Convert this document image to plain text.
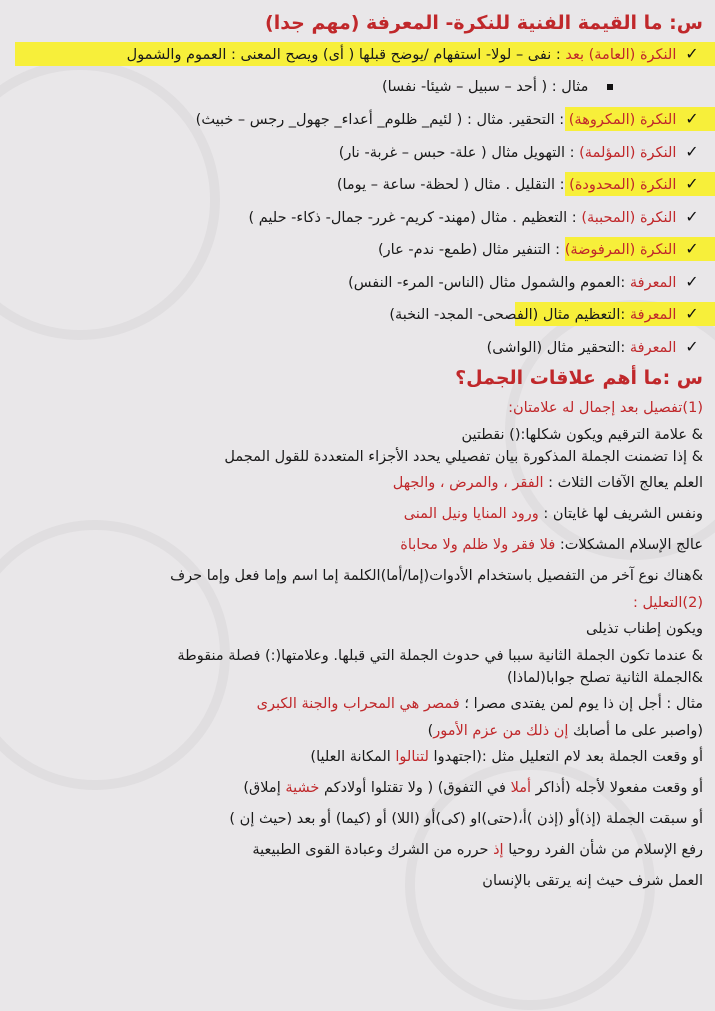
س: ما القيمة الفنية للنكرة- المعرفة (مهم جدا)
✓ النكرة (العامة) بعد : نفى – لولا- استفهام /يوضح قبلها ( أى) ويصح المعنى : العموم والشمول
مثال : ( أحد – سبيل – شيئا- نفسا)
✓ النكرة (المكروهة) : التحقير. مثال : ( لئيم_ ظلوم_ أعداء_ جهول_ رجس – خبيث)
✓ النكرة (المؤلمة) : التهويل مثال ( علة- حبس – غربة- نار)
✓ النكرة (المحدودة) : التقليل . مثال ( لحظة- ساعة – يوما)
✓ النكرة (المحببة) : التعظيم . مثال (مهند- كريم- غرر- جمال- ذكاء- حليم )
✓ النكرة (المرفوضة) : التنفير مثال (طمع- ندم- عار)
✓ المعرفة :العموم والشمول مثال (الناس- المرء- النفس)
✓ المعرفة :التعظيم مثال (الفصحى- المجد- النخبة)
✓ المعرفة :التحقير مثال (الواشى)
س :ما أهم علاقات الجمل؟
(1)تفصيل بعد إجمال له علامتان:
& علامة الترقيم ويكون شكلها:() نقطتين
& إذا تضمنت الجملة المذكورة بيان تفصيلي يحدد الأجزاء المتعددة للقول المجمل
العلم يعالج الآفات الثلاث : الفقر ، والمرض ، والجهل
ونفس الشريف لها غايتان : ورود المنايا ونيل المنى
عالج الإسلام المشكلات: فلا فقر ولا ظلم ولا محاباة
&هناك نوع آخر من التفصيل باستخدام الأدوات(إما/أما)الكلمة إما اسم وإما فعل وإما حرف
(2)التعليل :
ويكون إطناب تذيلى
& عندما تكون الجملة الثانية سببا في حدوث الجملة التي قبلها. وعلامتها(:) فصلة منقوطة
&الجملة الثانية تصلح جوابا(لماذا)
مثال : أجل إن ذا يوم لمن يفتدى مصرا ؛ فمصر هي المحراب والجنة الكبرى
(واصبر على ما أصابك إن ذلك من عزم الأمور)
أو وقعت الجملة بعد لام التعليل مثل :(اجتهدوا لتنالوا المكانة العليا)
أو وقعت مفعولا لأجله (أذاكر أملا في التفوق) ( ولا تقتلوا أولادكم خشية إملاق)
أو سبقت الجملة (إذ)أو (إذن )أ،(حتى)او (كى)أو (اللا) أو (كيما) أو بعد (حيث إن )
رفع الإسلام من شأن الفرد روحيا إذ حرره من الشرك وعبادة القوى الطبيعية
العمل شرف حيث إنه يرتقى بالإنسان
